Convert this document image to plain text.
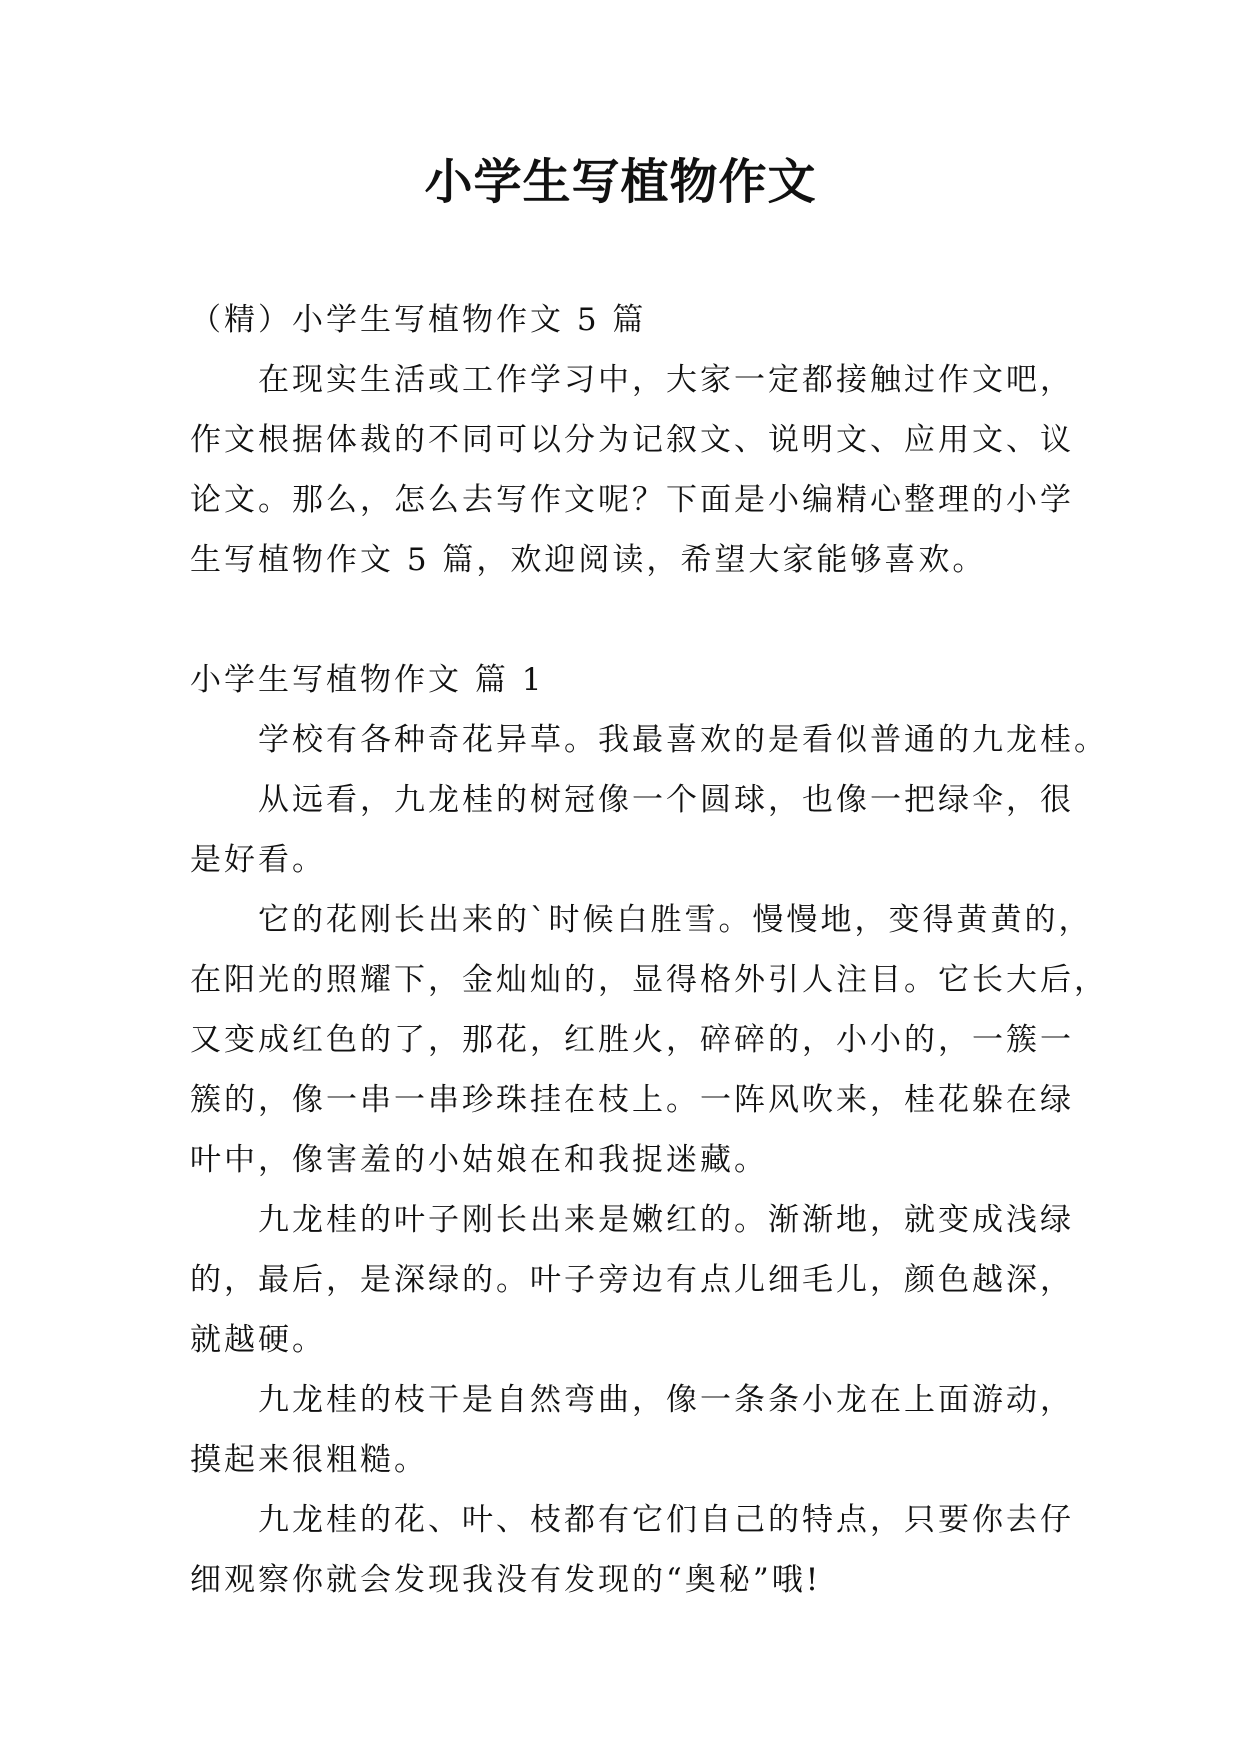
小学生写植物作文
（精）小学生写植物作文 5 篇
在现实生活或工作学习中，大家一定都接触过作文吧，
作文根据体裁的不同可以分为记叙文、说明文、应用文、议
论文。那么，怎么去写作文呢？下面是小编精心整理的小学
生写植物作文 5 篇，欢迎阅读，希望大家能够喜欢。
小学生写植物作文 篇 1
学校有各种奇花异草。我最喜欢的是看似普通的九龙桂。
从远看，九龙桂的树冠像一个圆球，也像一把绿伞，很
是好看。
它的花刚长出来的`时候白胜雪。慢慢地，变得黄黄的，
在阳光的照耀下，金灿灿的，显得格外引人注目。它长大后，
又变成红色的了，那花，红胜火，碎碎的，小小的，一簇一
簇的，像一串一串珍珠挂在枝上。一阵风吹来，桂花躲在绿
叶中，像害羞的小姑娘在和我捉迷藏。
九龙桂的叶子刚长出来是嫩红的。渐渐地，就变成浅绿
的，最后，是深绿的。叶子旁边有点儿细毛儿，颜色越深，
就越硬。
九龙桂的枝干是自然弯曲，像一条条小龙在上面游动，
摸起来很粗糙。
九龙桂的花、叶、枝都有它们自己的特点，只要你去仔
细观察你就会发现我没有发现的“奥秘”哦!
